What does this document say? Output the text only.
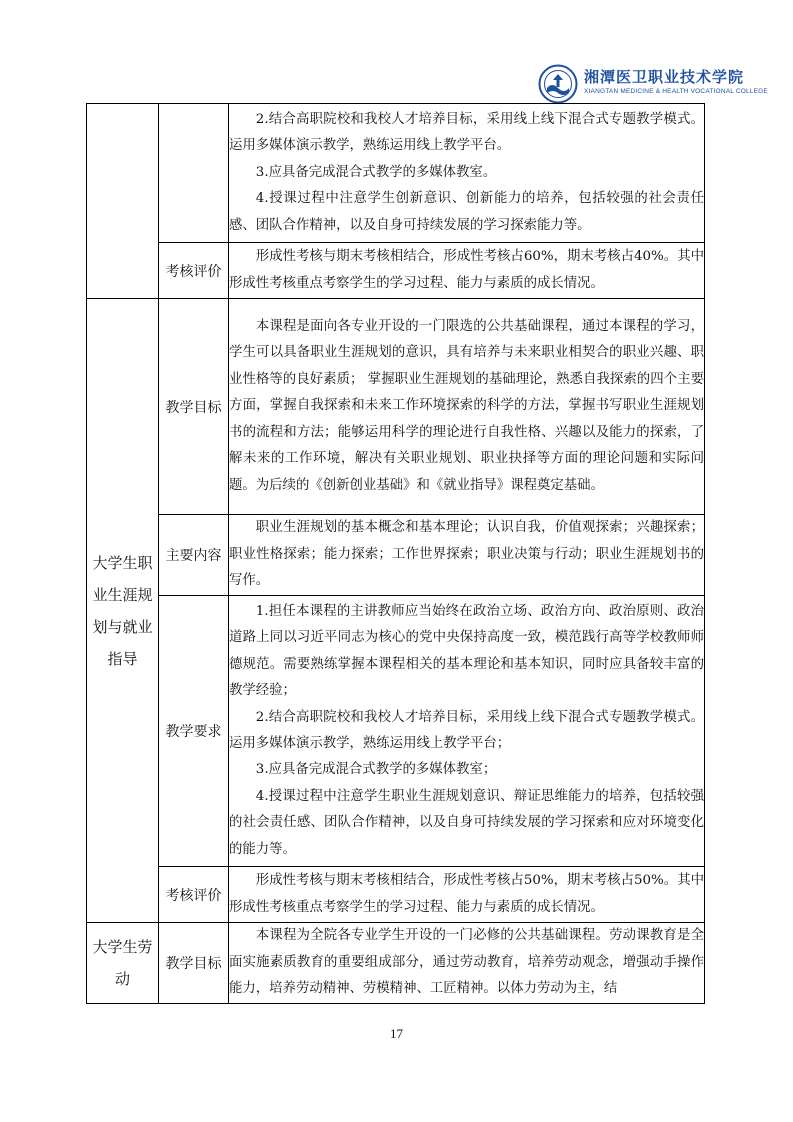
湘潭医卫职业技术学院
XIANGTAN MEDICINE & HEALTH VOCATIONAL COLLEGE

		2.结合高职院校和我校人才培养目标，采用线上线下混合式专题教学模式。运用多媒体演示教学，熟练运用线上教学平台。

3.应具备完成混合式教学的多媒体教室。

4.授课过程中注意学生创新意识、创新能力的培养，包括较强的社会责任感、团队合作精神，以及自身可持续发展的学习探索能力等。

	考核评价	形成性考核与期末考核相结合，形成性考核占60%，期末考核占40%。其中形成性考核重点考察学生的学习过程、能力与素质的成长情况。

大学生职业生涯规划与就业指导	教学目标	本课程是面向各专业开设的一门限选的公共基础课程，通过本课程的学习，学生可以具备职业生涯规划的意识，具有培养与未来职业相契合的职业兴趣、职业性格等的良好素质； 掌握职业生涯规划的基础理论，熟悉自我探索的四个主要方面，掌握自我探索和未来工作环境探索的科学的方法，掌握书写职业生涯规划书的流程和方法；能够运用科学的理论进行自我性格、兴趣以及能力的探索，了解未来的工作环境，解决有关职业规划、职业抉择等方面的理论问题和实际问题。为后续的《创新创业基础》和《就业指导》课程奠定基础。

	主要内容	职业生涯规划的基本概念和基本理论；认识自我，价值观探索；兴趣探索；职业性格探索；能力探索；工作世界探索；职业决策与行动；职业生涯规划书的写作。

	教学要求	1.担任本课程的主讲教师应当始终在政治立场、政治方向、政治原则、政治道路上同以习近平同志为核心的党中央保持高度一致，模范践行高等学校教师师德规范。需要熟练掌握本课程相关的基本理论和基本知识，同时应具备较丰富的教学经验；

2.结合高职院校和我校人才培养目标，采用线上线下混合式专题教学模式。运用多媒体演示教学，熟练运用线上教学平台；

3.应具备完成混合式教学的多媒体教室；

4.授课过程中注意学生职业生涯规划意识、辩证思维能力的培养，包括较强的社会责任感、团队合作精神，以及自身可持续发展的学习探索和应对环境变化的能力等。

	考核评价	形成性考核与期末考核相结合，形成性考核占50%，期末考核占50%。其中形成性考核重点考察学生的学习过程、能力与素质的成长情况。

大学生劳动	教学目标	本课程为全院各专业学生开设的一门必修的公共基础课程。劳动课教育是全面实施素质教育的重要组成部分，通过劳动教育，培养劳动观念，增强动手操作能力，培养劳动精神、劳模精神、工匠精神。以体力劳动为主，结

17
